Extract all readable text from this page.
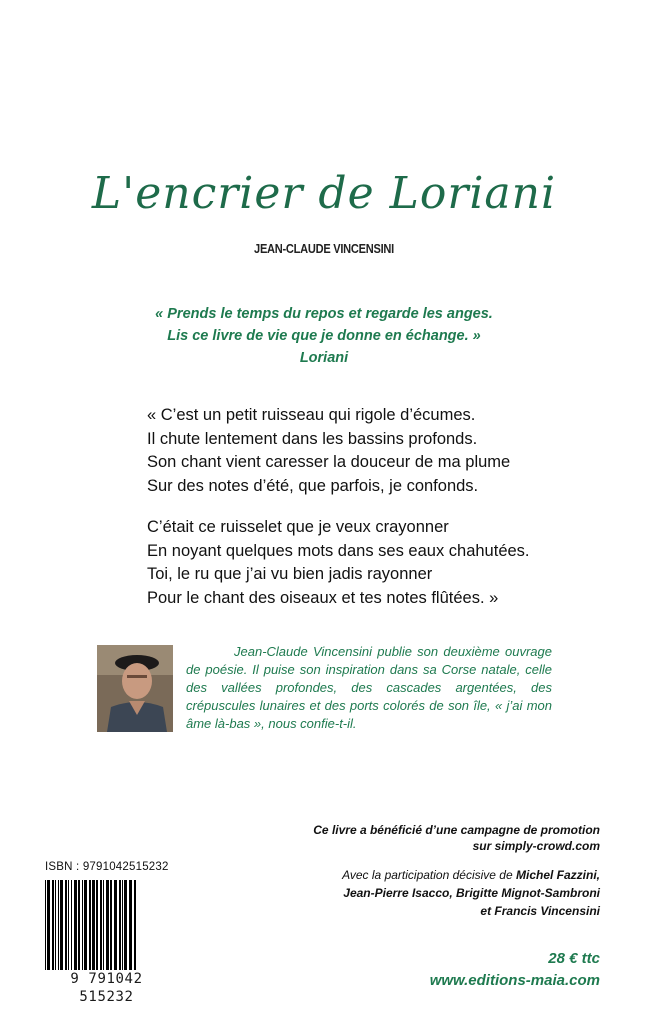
L'encrier de Loriani
JEAN-CLAUDE VINCENSINI
« Prends le temps du repos et regarde les anges.
Lis ce livre de vie que je donne en échange. »
Loriani
« C’est un petit ruisseau qui rigole d’écumes.
Il chute lentement dans les bassins profonds.
Son chant vient caresser la douceur de ma plume
Sur des notes d’été, que parfois, je confonds.
C’était ce ruisselet que je veux crayonner
En noyant quelques mots dans ses eaux chahutées.
Toi, le ru que j’ai vu bien jadis rayonner
Pour le chant des oiseaux et tes notes flûtées. »
Jean-Claude Vincensini publie son deuxième ouvrage de poésie. Il puise son inspiration dans sa Corse natale, celle des vallées profondes, des cascades argentées, des crépuscules lunaires et des ports colorés de son île, « j’ai mon âme là-bas », nous confie-t-il.
Ce livre a bénéficié d’une campagne de promotion
sur simply-crowd.com
Avec la participation décisive de Michel Fazzini,
Jean-Pierre Isacco, Brigitte Mignot-Sambroni
et Francis Vincensini
28 € ttc
www.editions-maia.com
ISBN : 9791042515232
9 791042 515232
